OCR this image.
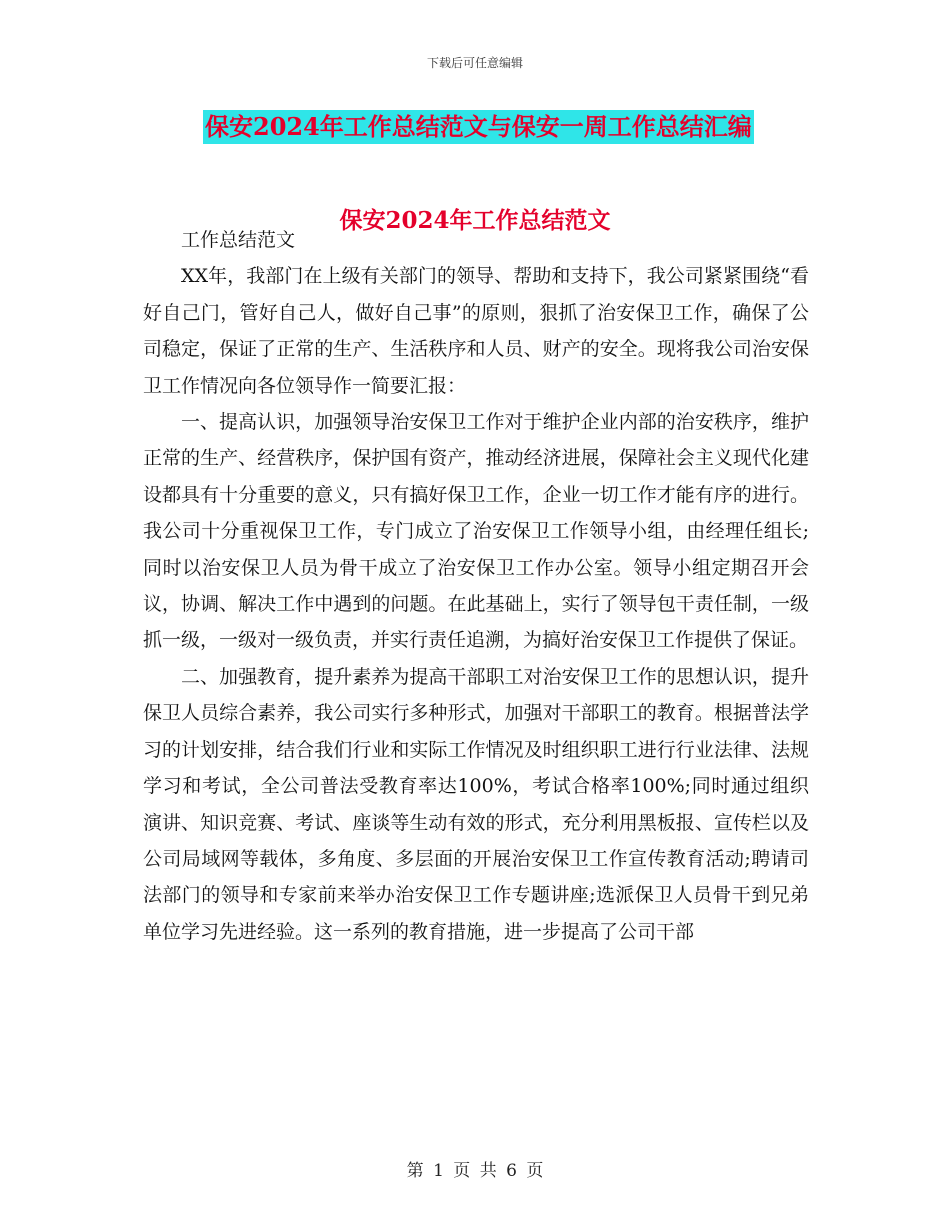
下载后可任意编辑
保安2024年工作总结范文与保安一周工作总结汇编
保安2024年工作总结范文

工作总结范文

XX年，我部门在上级有关部门的领导、帮助和支持下，我公司紧紧围绕“看好自己门，管好自己人，做好自己事”的原则，狠抓了治安保卫工作，确保了公司稳定，保证了正常的生产、生活秩序和人员、财产的安全。现将我公司治安保卫工作情况向各位领导作一简要汇报：

一、提高认识，加强领导治安保卫工作对于维护企业内部的治安秩序，维护正常的生产、经营秩序，保护国有资产，推动经济进展，保障社会主义现代化建设都具有十分重要的意义，只有搞好保卫工作，企业一切工作才能有序的进行。我公司十分重视保卫工作，专门成立了治安保卫工作领导小组，由经理任组长;同时以治安保卫人员为骨干成立了治安保卫工作办公室。领导小组定期召开会议，协调、解决工作中遇到的问题。在此基础上，实行了领导包干责任制，一级抓一级，一级对一级负责，并实行责任追溯，为搞好治安保卫工作提供了保证。

二、加强教育，提升素养为提高干部职工对治安保卫工作的思想认识，提升保卫人员综合素养，我公司实行多种形式，加强对干部职工的教育。根据普法学习的计划安排，结合我们行业和实际工作情况及时组织职工进行行业法律、法规学习和考试，全公司普法受教育率达100%，考试合格率100%;同时通过组织演讲、知识竞赛、考试、座谈等生动有效的形式，充分利用黑板报、宣传栏以及公司局域网等载体，多角度、多层面的开展治安保卫工作宣传教育活动;聘请司法部门的领导和专家前来举办治安保卫工作专题讲座;选派保卫人员骨干到兄弟单位学习先进经验。这一系列的教育措施，进一步提高了公司干部

第 1 页 共 6 页
